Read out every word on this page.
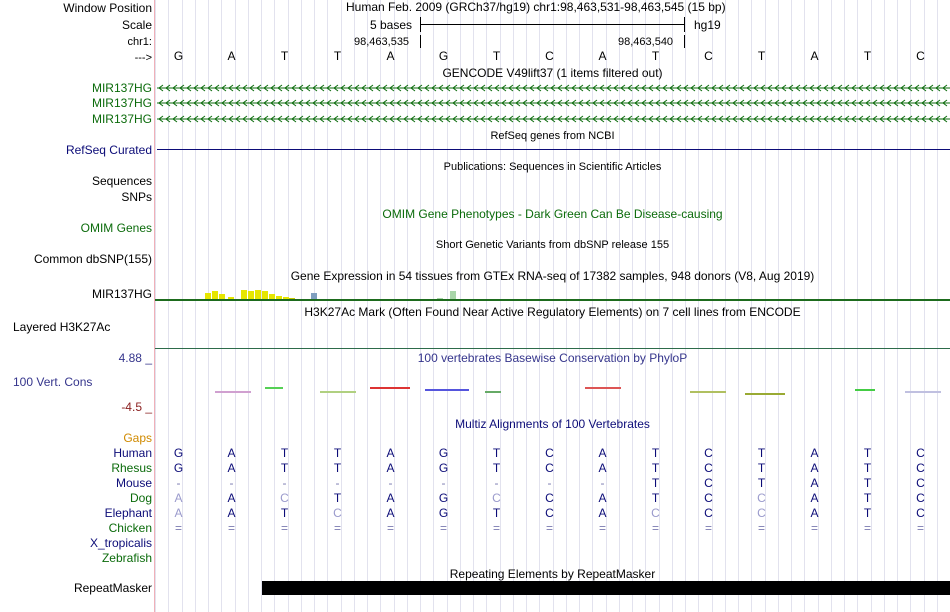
Window Position
Scale
chr1:
--->
Human Feb. 2009 (GRCh37/hg19) chr1:98,463,531-98,463,545 (15 bp)
5 bases	hg19
98,463,535	98,463,540
G	A	T	T	A	G	T	C	A	T	C	T	A	T	C
GENCODE V49lift37 (1 items filtered out)
MIR137HG
MIR137HG
MIR137HG
RefSeq genes from NCBI
RefSeq Curated
Publications: Sequences in Scientific Articles
Sequences
SNPs
OMIM Gene Phenotypes - Dark Green Can Be Disease-causing
OMIM Genes
Short Genetic Variants from dbSNP release 155
Common dbSNP(155)
Gene Expression in 54 tissues from GTEx RNA-seq of 17382 samples, 948 donors (V8, Aug 2019)
MIR137HG
H3K27Ac Mark (Often Found Near Active Regulatory Elements) on 7 cell lines from ENCODE
Layered H3K27Ac
100 vertebrates Basewise Conservation by PhyloP
4.88 _
100 Vert. Cons
-4.5 _
Multiz Alignments of 100 Vertebrates
Gaps
Human	G	A	T	T	A	G	T	C	A	T	C	T	A	T	C
Rhesus	G	A	T	T	A	G	T	C	A	T	C	T	A	T	C
Mouse	-	-	-	-	-	-	-	-	-	T	C	T	A	T	C
Dog	A	A	C	T	A	G	C	C	A	T	C	C	A	T	C
Elephant	A	A	T	C	A	G	T	C	A	C	C	C	A	T	C
Chicken	=	=	=	=	=	=	=	=	=	=	=	=	=	=	=
X_tropicalis
Zebrafish
Repeating Elements by RepeatMasker
RepeatMasker
